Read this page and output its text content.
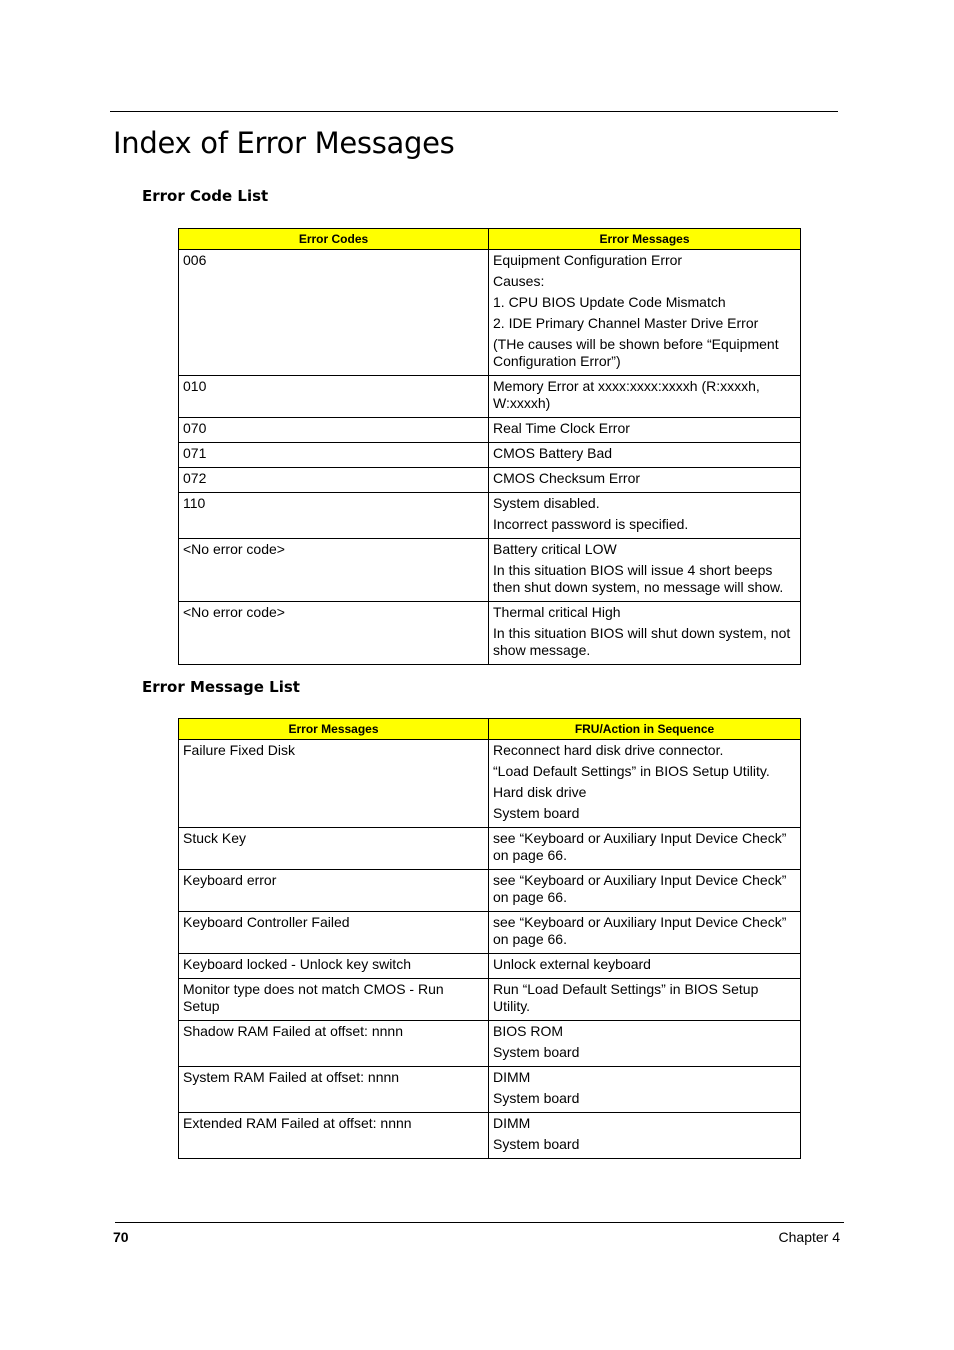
Index of Error Messages
Error Code List
Error Codes	Error Messages

006	Equipment Configuration Error
Causes:
1. CPU BIOS Update Code Mismatch
2. IDE Primary Channel Master Drive Error
(THe causes will be shown before “Equipment Configuration Error”)

010	Memory Error at xxxx:xxxx:xxxxh (R:xxxxh, W:xxxxh)

070	Real Time Clock Error

071	CMOS Battery Bad

072	CMOS Checksum Error

110	System disabled.
Incorrect password is specified.

<No error code>	Battery critical LOW
In this situation BIOS will issue 4 short beeps then shut down system, no message will show.

<No error code>	Thermal critical High
In this situation BIOS will shut down system, not show message.
Error Message List
Error Messages	FRU/Action in Sequence

Failure Fixed Disk	Reconnect hard disk drive connector.
“Load Default Settings” in BIOS Setup Utility.
Hard disk drive
System board

Stuck Key	see “Keyboard or Auxiliary Input Device Check” on page 66.

Keyboard error	see “Keyboard or Auxiliary Input Device Check” on page 66.

Keyboard Controller Failed	see “Keyboard or Auxiliary Input Device Check” on page 66.

Keyboard locked - Unlock key switch	Unlock external keyboard

Monitor type does not match CMOS - Run Setup	Run “Load Default Settings” in BIOS Setup Utility.

Shadow RAM Failed at offset: nnnn	BIOS ROM
System board

System RAM Failed at offset: nnnn	DIMM
System board

Extended RAM Failed at offset: nnnn	DIMM
System board
70	Chapter 4
